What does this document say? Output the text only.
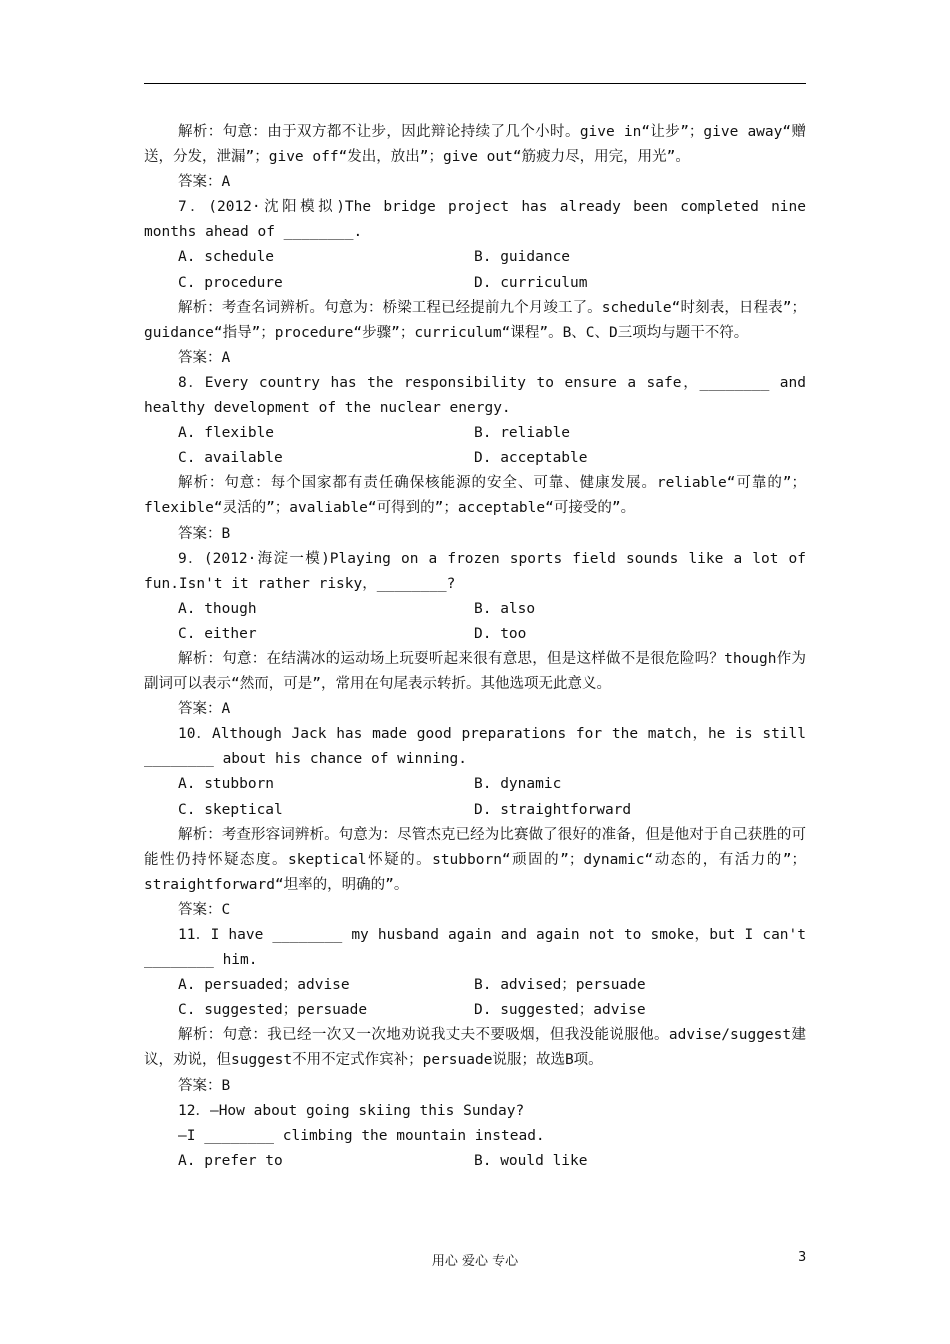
解析：句意：由于双方都不让步，因此辩论持续了几个小时。give in“让步”；give away“赠送，分发，泄漏”；give off“发出，放出”；give out“筋疲力尽，用完，用光”。

答案：A

7．(2012·沈阳模拟)The bridge project has already been completed nine months ahead of ________.

A. schedule	B. guidance
C. procedure	D. curriculum

解析：考查名词辨析。句意为：桥梁工程已经提前九个月竣工了。schedule“时刻表，日程表”；guidance“指导”；procedure“步骤”；curriculum“课程”。B、C、D三项均与题干不符。

答案：A

8．Every country has the responsibility to ensure a safe，________ and healthy development of the nuclear energy.

A. flexible	B. reliable
C. available	D. acceptable

解析：句意：每个国家都有责任确保核能源的安全、可靠、健康发展。reliable“可靠的”；flexible“灵活的”；avaliable“可得到的”；acceptable“可接受的”。

答案：B

9．(2012·海淀一模)Playing on a frozen sports field sounds like a lot of fun.Isn't it rather risky，________?

A. though	B. also
C. either	D. too

解析：句意：在结满冰的运动场上玩耍听起来很有意思，但是这样做不是很危险吗？though作为副词可以表示“然而，可是”，常用在句尾表示转折。其他选项无此意义。

答案：A

10．Although Jack has made good preparations for the match，he is still ________ about his chance of winning.

A. stubborn	B. dynamic
C. skeptical	D. straightforward

解析：考查形容词辨析。句意为：尽管杰克已经为比赛做了很好的准备，但是他对于自己获胜的可能性仍持怀疑态度。skeptical怀疑的。stubborn“顽固的”；dynamic“动态的，有活力的”；straightforward“坦率的，明确的”。

答案：C

11．I have ________ my husband again and again not to smoke，but I can't ________ him.

A. persuaded；advise	B. advised；persuade
C. suggested；persuade	D. suggested；advise

解析：句意：我已经一次又一次地劝说我丈夫不要吸烟，但我没能说服他。advise/suggest建议，劝说，但suggest不用不定式作宾补；persuade说服；故选B项。

答案：B

12．—How about going skiing this Sunday?

—I ________ climbing the mountain instead.

A. prefer to	B. would like
用心 爱心 专心	3
